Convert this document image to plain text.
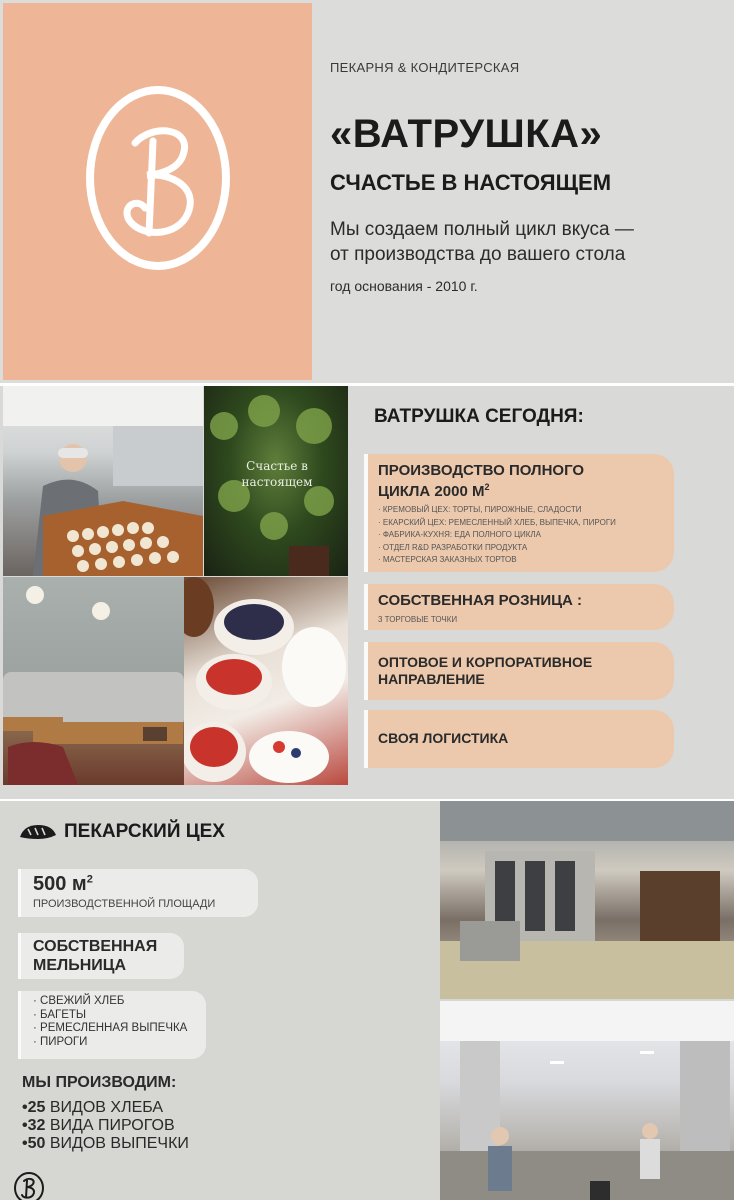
ПЕКАРНЯ & КОНДИТЕРСКАЯ
«ВАТРУШКА»
СЧАСТЬЕ В НАСТОЯЩЕМ
Мы создаем полный цикл вкуса —
от производства до вашего стола
год основания - 2010 г.
Счастье в настоящем
ВАТРУШКА СЕГОДНЯ:
ПРОИЗВОДСТВО ПОЛНОГО
ЦИКЛА 2000 $М^2$
· КРЕМОВЫЙ ЦЕХ: ТОРТЫ, ПИРОЖНЫЕ, СЛАДОСТИ
· ЕКАРСКИЙ ЦЕХ: РЕМЕСЛЕННЫЙ ХЛЕБ, ВЫПЕЧКА, ПИРОГИ
· ФАБРИКА-КУХНЯ: ЕДА ПОЛНОГО ЦИКЛА
· ОТДЕЛ R&D РАЗРАБОТКИ ПРОДУКТА
· МАСТЕРСКАЯ ЗАКАЗНЫХ ТОРТОВ
СОБСТВЕННАЯ РОЗНИЦА :
3 ТОРГОВЫЕ ТОЧКИ
ОПТОВОЕ И КОРПОРАТИВНОЕ
НАПРАВЛЕНИЕ
СВОЯ ЛОГИСТИКА
ПЕКАРСКИЙ ЦЕХ
500 $м^2$
ПРОИЗВОДСТВЕННОЙ ПЛОЩАДИ
СОБСТВЕННАЯ
МЕЛЬНИЦА
· СВЕЖИЙ ХЛЕБ
· БАГЕТЫ
· РЕМЕСЛЕННАЯ ВЫПЕЧКА
· ПИРОГИ
МЫ ПРОИЗВОДИМ:
•25 ВИДОВ ХЛЕБА
•32 ВИДА ПИРОГОВ
•50 ВИДОВ ВЫПЕЧКИ
